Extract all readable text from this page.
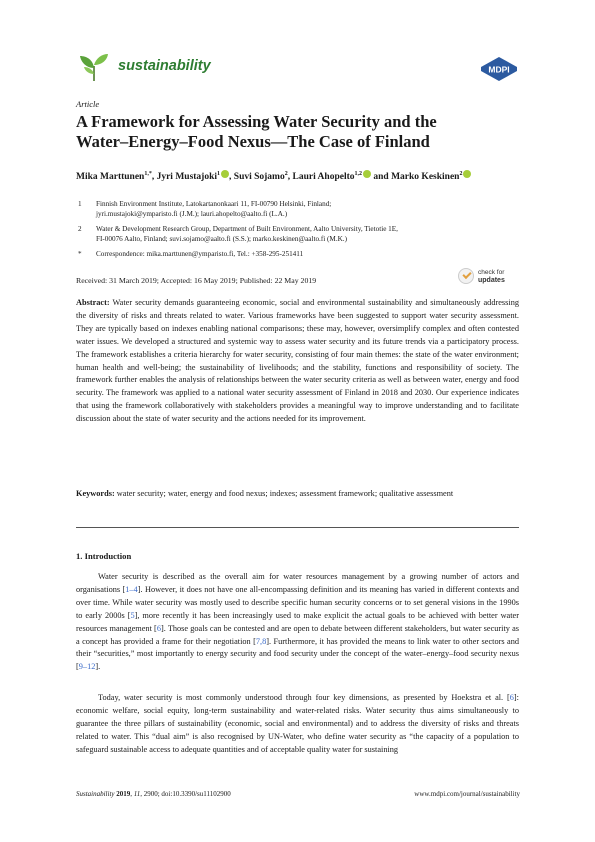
sustainability	MDPI
Article
A Framework for Assessing Water Security and the
Water–Energy–Food Nexus—The Case of Finland
Mika Marttunen$^{1,*}$, Jyri Mustajoki$^1$ , Suvi Sojamo$^2$, Lauri Ahopelto$^{1,2}$ and Marko Keskinen$^2$
1	Finnish Environment Institute, Latokartanonkaari 11, FI-00790 Helsinki, Finland;
jyri.mustajoki@ymparisto.fi (J.M.); lauri.ahopelto@aalto.fi (L.A.)
2	Water & Development Research Group, Department of Built Environment, Aalto University, Tietotie 1E,
FI-00076 Aalto, Finland; suvi.sojamo@aalto.fi (S.S.); marko.keskinen@aalto.fi (M.K.)
*	Correspondence: mika.marttunen@ymparisto.fi, Tel.: +358-295-251411
Received: 31 March 2019; Accepted: 16 May 2019; Published: 22 May 2019
check for
updates
Abstract: Water security demands guaranteeing economic, social and environmental sustainability and simultaneously addressing the diversity of risks and threats related to water. Various frameworks have been suggested to support water security assessment. They are typically based on indexes enabling national comparisons; these may, however, oversimplify complex and often contested water issues. We developed a structured and systemic way to assess water security and its future trends via a participatory process. The framework establishes a criteria hierarchy for water security, consisting of four main themes: the state of the water environment; human health and well-being; the sustainability of livelihoods; and the stability, functions and responsibility of society. The framework further enables the analysis of relationships between the water security criteria as well as between water, energy and food security. The framework was applied to a national water security assessment of Finland in 2018 and 2030. Our experience indicates that using the framework collaboratively with stakeholders provides a meaningful way to improve understanding and to facilitate discussion about the state of water security and the actions needed for its improvement.
Keywords: water security; water, energy and food nexus; indexes; assessment framework; qualitative assessment
1. Introduction
Water security is described as the overall aim for water resources management by a growing number of actors and organisations [1–4]. However, it does not have one all-encompassing definition and its meaning has varied in different contexts and over time. While water security was mostly used to describe specific human security concerns or to set general visions in the 1990s to early 2000s [5], more recently it has been increasingly used to make explicit the actual goals to be achieved with better water resources management [6]. Those goals can be contested and are open to debate between different stakeholders, but water security as a concept has provided a frame for their negotiation [7,8]. Furthermore, it has provided the means to link water to other sectors and their “securities,” most importantly to energy security and food security under the concept of the water–energy–food security nexus [9–12].
Today, water security is most commonly understood through four key dimensions, as presented by Hoekstra et al. [6]: economic welfare, social equity, long-term sustainability and water-related risks. Water security thus aims simultaneously to guarantee the three pillars of sustainability (economic, social and environmental) and to address the diversity of risks and threats related to water. This “dual aim” is also recognised by UN-Water, who define water security as “the capacity of a population to safeguard sustainable access to adequate quantities and of acceptable quality water for sustaining
Sustainability 2019, 11, 2900; doi:10.3390/su11102900	www.mdpi.com/journal/sustainability
